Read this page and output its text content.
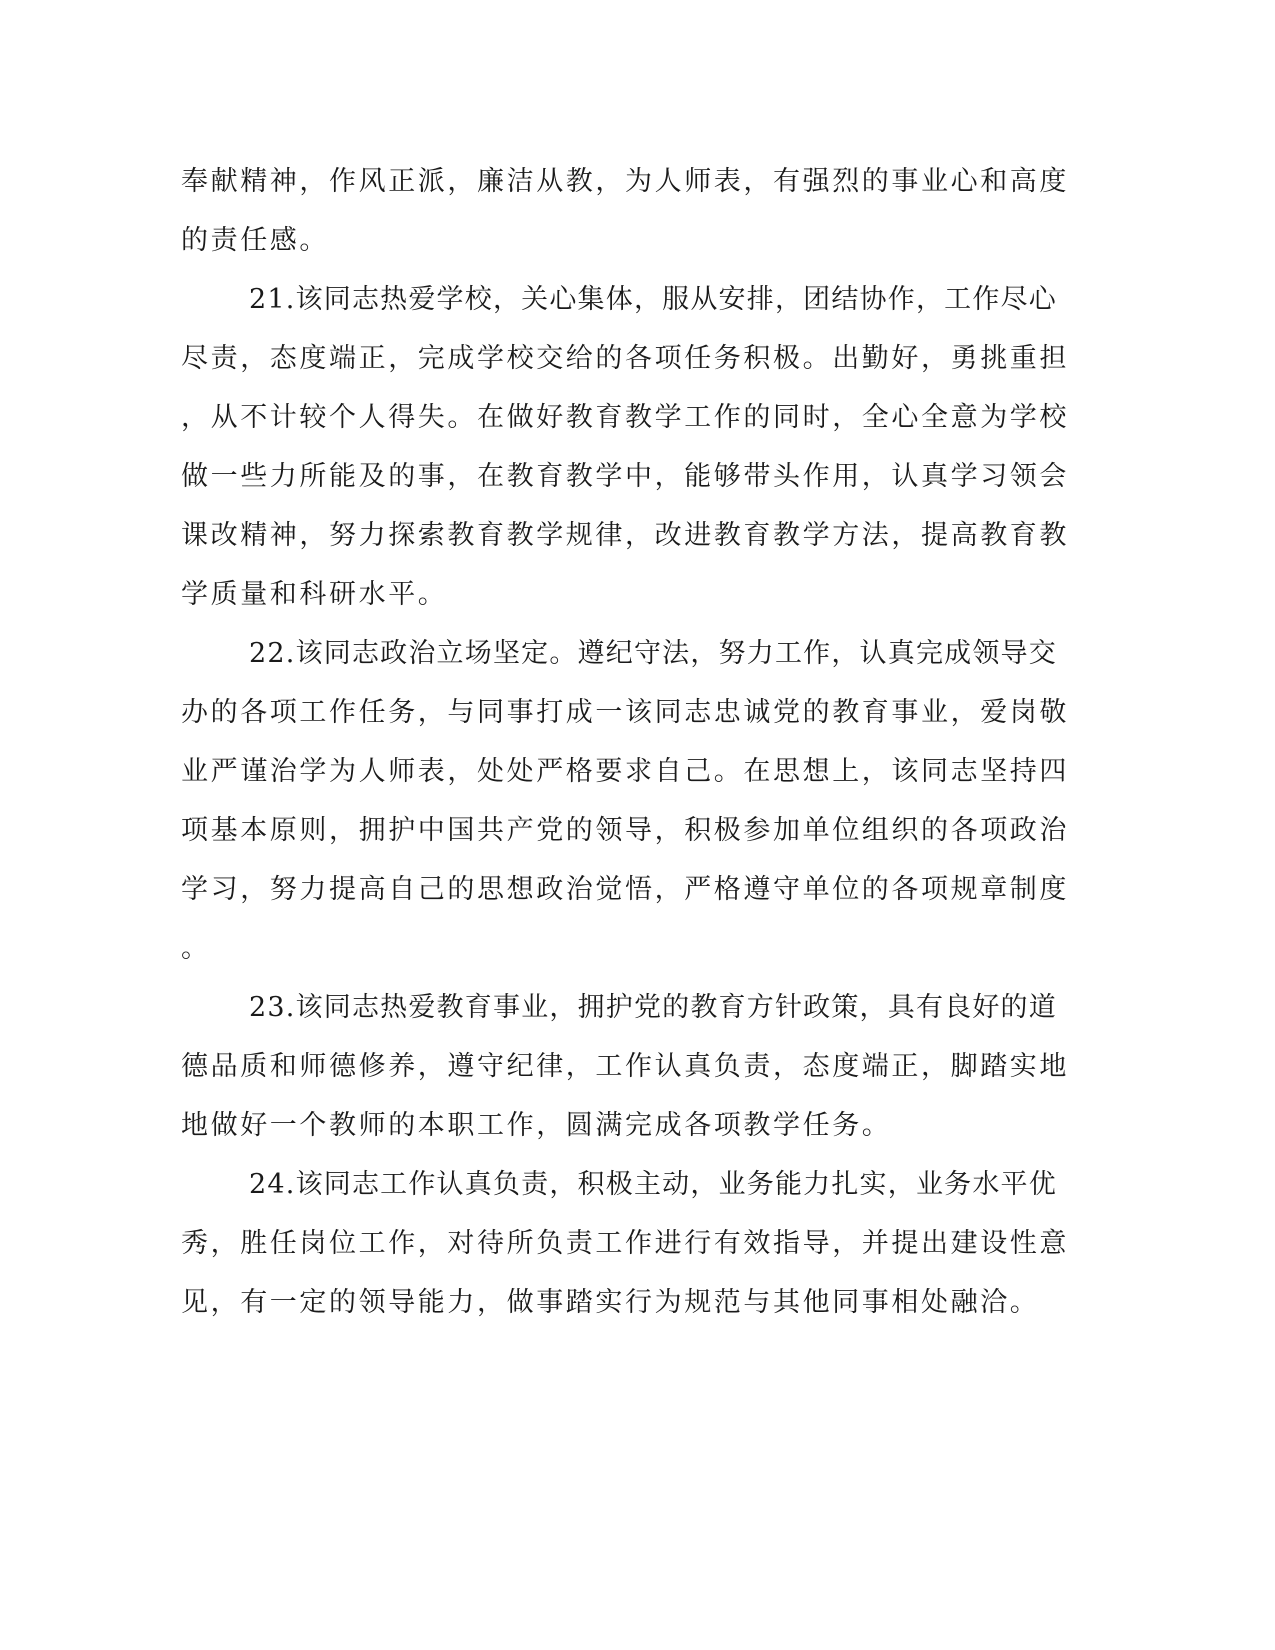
奉献精神，作风正派，廉洁从教，为人师表，有强烈的事业心和高度
的责任感。
21.该同志热爱学校，关心集体，服从安排，团结协作，工作尽心
尽责，态度端正，完成学校交给的各项任务积极。出勤好，勇挑重担
，从不计较个人得失。在做好教育教学工作的同时，全心全意为学校
做一些力所能及的事，在教育教学中，能够带头作用，认真学习领会
课改精神，努力探索教育教学规律，改进教育教学方法，提高教育教
学质量和科研水平。
22.该同志政治立场坚定。遵纪守法，努力工作，认真完成领导交
办的各项工作任务，与同事打成一该同志忠诚党的教育事业，爱岗敬
业严谨治学为人师表，处处严格要求自己。在思想上，该同志坚持四
项基本原则，拥护中国共产党的领导，积极参加单位组织的各项政治
学习，努力提高自己的思想政治觉悟，严格遵守单位的各项规章制度
。
23.该同志热爱教育事业，拥护党的教育方针政策，具有良好的道
德品质和师德修养，遵守纪律，工作认真负责，态度端正，脚踏实地
地做好一个教师的本职工作，圆满完成各项教学任务。
24.该同志工作认真负责，积极主动，业务能力扎实，业务水平优
秀，胜任岗位工作，对待所负责工作进行有效指导，并提出建设性意
见，有一定的领导能力，做事踏实行为规范与其他同事相处融洽。
